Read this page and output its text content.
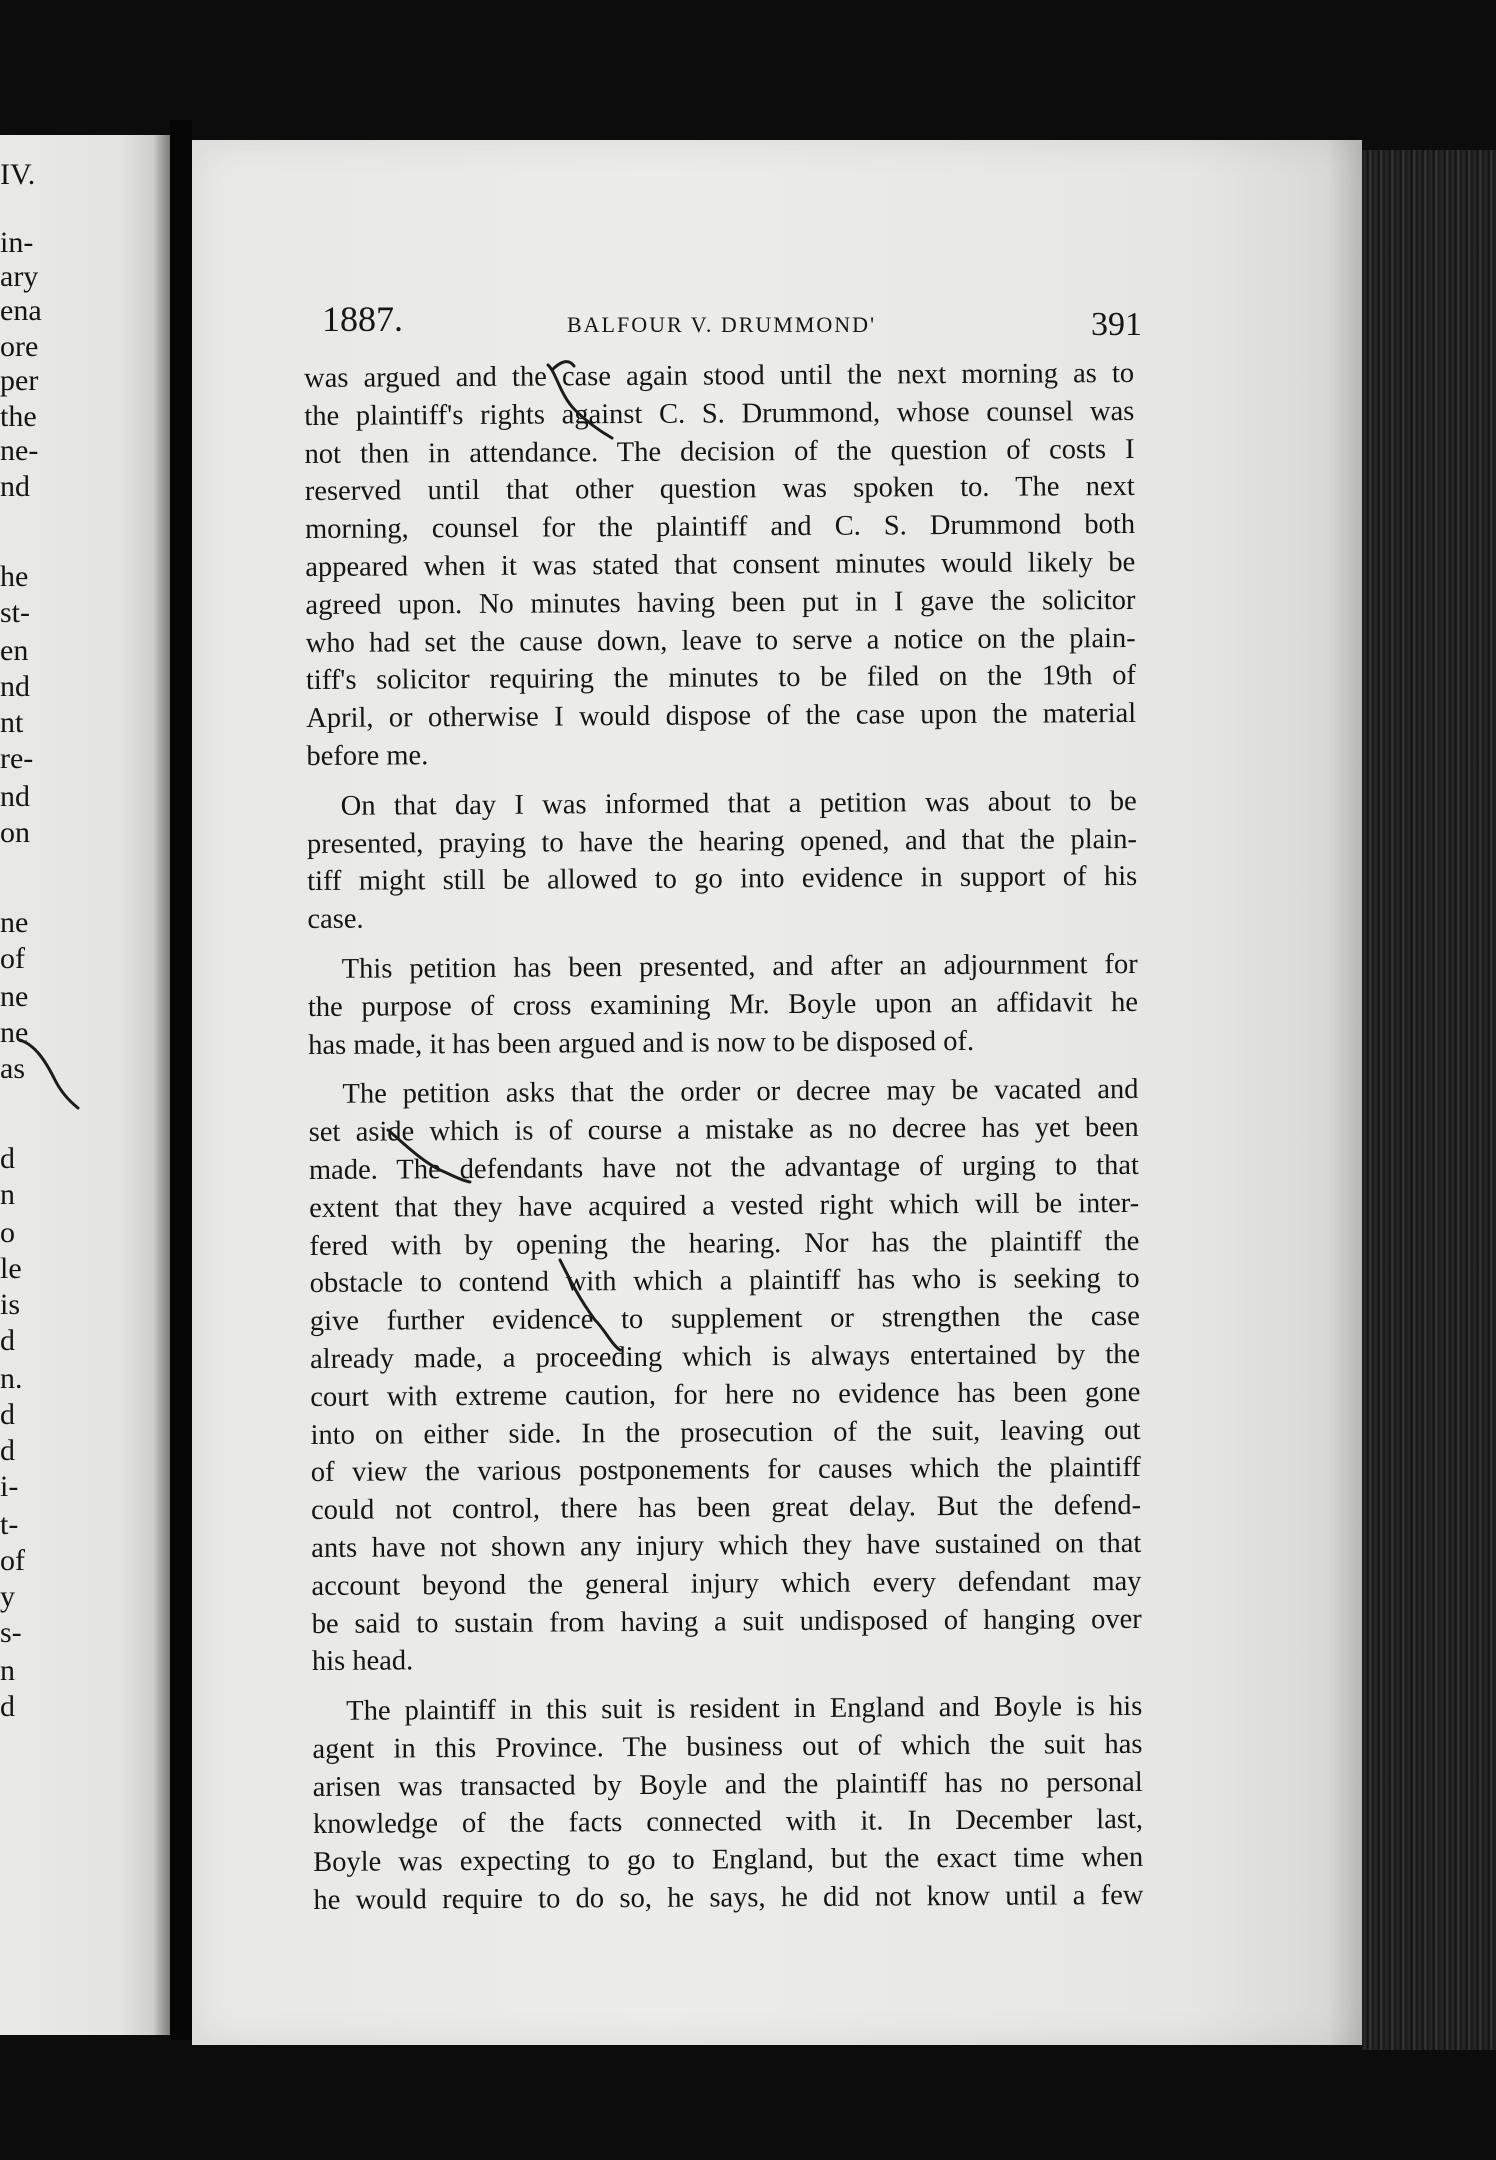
IV.
in-
ary
ena
ore
per
the
ne-
nd
he
st-
en
nd
nt
re-
nd
on
ne
of
ne
ne
as
d
n
o
le
is
d
n.
d
d
i-
t-
of
y
s-
n
d
1887.	BALFOUR V. DRUMMOND'	391
was argued and the case again stood until the next morning as to
the plaintiff's rights against C. S. Drummond, whose counsel was
not then in attendance. The decision of the question of costs I
reserved until that other question was spoken to. The next
morning, counsel for the plaintiff and C. S. Drummond both
appeared when it was stated that consent minutes would likely be
agreed upon. No minutes having been put in I gave the solicitor
who had set the cause down, leave to serve a notice on the plain-
tiff's solicitor requiring the minutes to be filed on the 19th of
April, or otherwise I would dispose of the case upon the material
before me.
On that day I was informed that a petition was about to be
presented, praying to have the hearing opened, and that the plain-
tiff might still be allowed to go into evidence in support of his
case.
This petition has been presented, and after an adjournment for
the purpose of cross examining Mr. Boyle upon an affidavit he
has made, it has been argued and is now to be disposed of.
The petition asks that the order or decree may be vacated and
set aside which is of course a mistake as no decree has yet been
made. The defendants have not the advantage of urging to that
extent that they have acquired a vested right which will be inter-
fered with by opening the hearing. Nor has the plaintiff the
obstacle to contend with which a plaintiff has who is seeking to
give further evidence to supplement or strengthen the case
already made, a proceeding which is always entertained by the
court with extreme caution, for here no evidence has been gone
into on either side. In the prosecution of the suit, leaving out
of view the various postponements for causes which the plaintiff
could not control, there has been great delay. But the defend-
ants have not shown any injury which they have sustained on that
account beyond the general injury which every defendant may
be said to sustain from having a suit undisposed of hanging over
his head.
The plaintiff in this suit is resident in England and Boyle is his
agent in this Province. The business out of which the suit has
arisen was transacted by Boyle and the plaintiff has no personal
knowledge of the facts connected with it. In December last,
Boyle was expecting to go to England, but the exact time when
he would require to do so, he says, he did not know until a few
